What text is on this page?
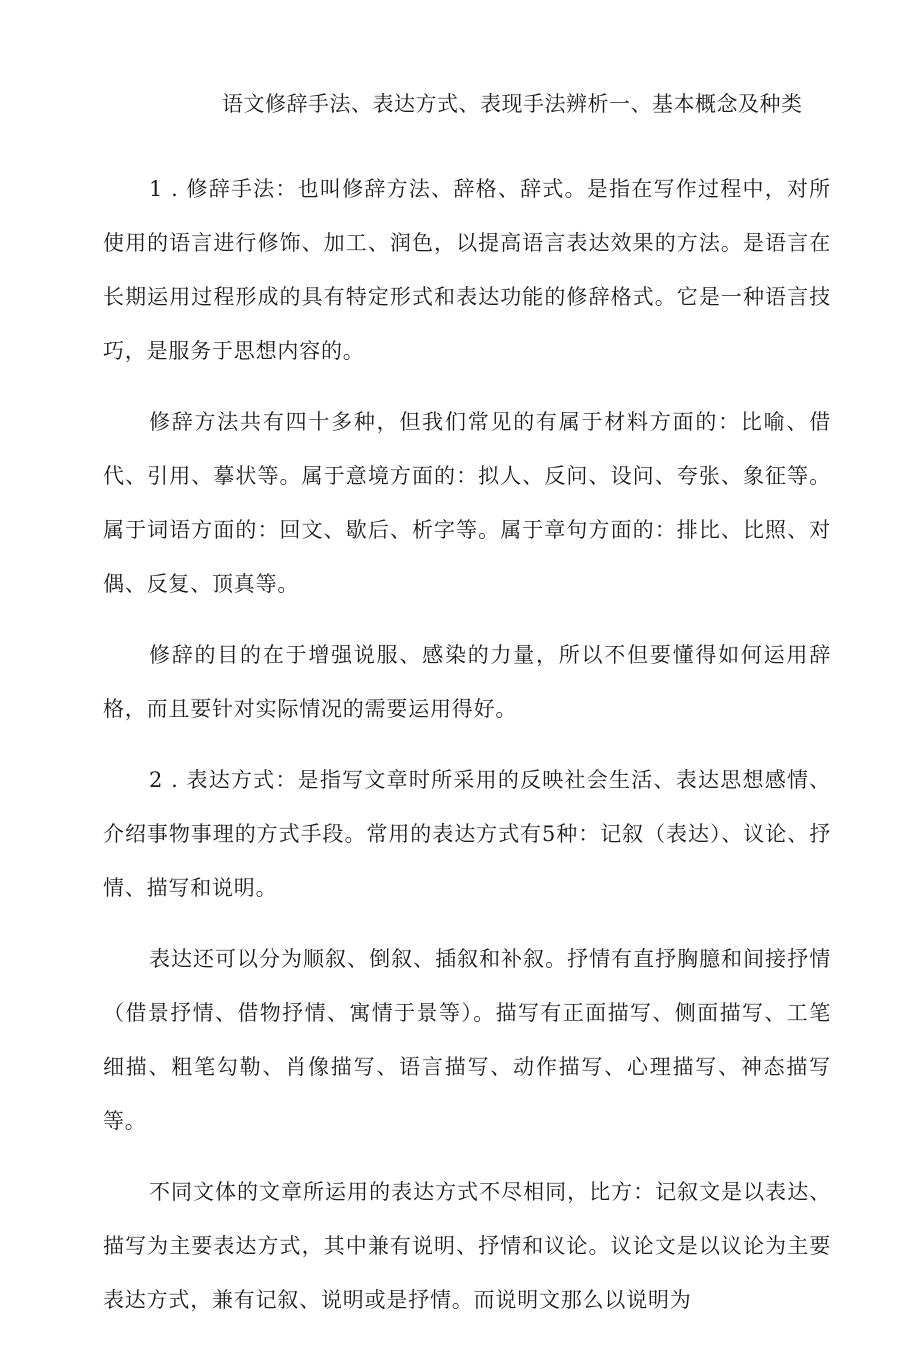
语文修辞手法、表达方式、表现手法辨析一、基本概念及种类

1 . 修辞手法：也叫修辞方法、辞格、辞式。是指在写作过程中，对所使用的语言进行修饰、加工、润色，以提高语言表达效果的方法。是语言在长期运用过程形成的具有特定形式和表达功能的修辞格式。它是一种语言技巧，是服务于思想内容的。

修辞方法共有四十多种，但我们常见的有属于材料方面的：比喻、借代、引用、摹状等。属于意境方面的：拟人、反问、设问、夸张、象征等。属于词语方面的：回文、歇后、析字等。属于章句方面的：排比、比照、对偶、反复、顶真等。

修辞的目的在于增强说服、感染的力量，所以不但要懂得如何运用辞格，而且要针对实际情况的需要运用得好。

2 . 表达方式：是指写文章时所采用的反映社会生活、表达思想感情、介绍事物事理的方式手段。常用的表达方式有5种：记叙（表达）、议论、抒情、描写和说明。

表达还可以分为顺叙、倒叙、插叙和补叙。抒情有直抒胸臆和间接抒情（借景抒情、借物抒情、寓情于景等）。描写有正面描写、侧面描写、工笔细描、粗笔勾勒、肖像描写、语言描写、动作描写、心理描写、神态描写等。

不同文体的文章所运用的表达方式不尽相同，比方：记叙文是以表达、描写为主要表达方式，其中兼有说明、抒情和议论。议论文是以议论为主要表达方式，兼有记叙、说明或是抒情。而说明文那么以说明为
